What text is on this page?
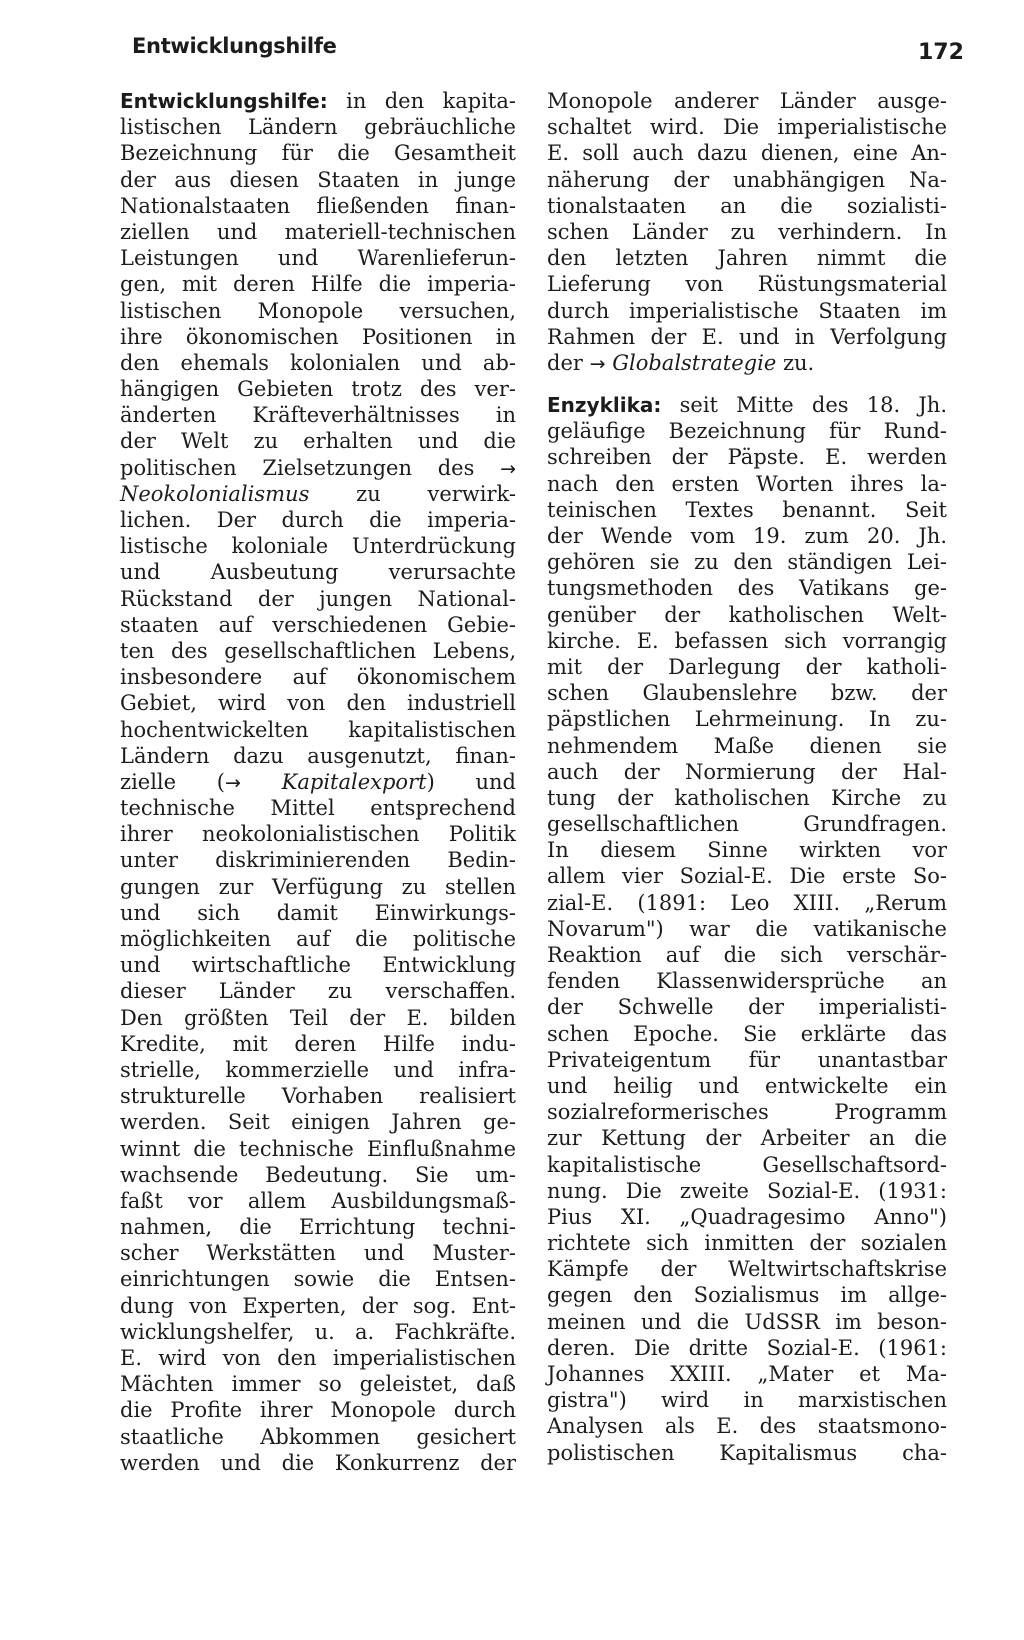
Entwicklungshilfe	172
Entwicklungshilfe: in den kapita-
listischen Ländern gebräuchliche
Bezeichnung für die Gesamtheit
der aus diesen Staaten in junge
Nationalstaaten fließenden finan-
ziellen und materiell-technischen
Leistungen und Warenlieferun-
gen, mit deren Hilfe die imperia-
listischen Monopole versuchen,
ihre ökonomischen Positionen in
den ehemals kolonialen und ab-
hängigen Gebieten trotz des ver-
änderten Kräfteverhältnisses in
der Welt zu erhalten und die
politischen Zielsetzungen des →
Neokolonialismus zu verwirk-
lichen. Der durch die imperia-
listische koloniale Unterdrückung
und Ausbeutung verursachte
Rückstand der jungen National-
staaten auf verschiedenen Gebie-
ten des gesellschaftlichen Lebens,
insbesondere auf ökonomischem
Gebiet, wird von den industriell
hochentwickelten kapitalistischen
Ländern dazu ausgenutzt, finan-
zielle (→ Kapitalexport) und
technische Mittel entsprechend
ihrer neokolonialistischen Politik
unter diskriminierenden Bedin-
gungen zur Verfügung zu stellen
und sich damit Einwirkungs-
möglichkeiten auf die politische
und wirtschaftliche Entwicklung
dieser Länder zu verschaffen.
Den größten Teil der E. bilden
Kredite, mit deren Hilfe indu-
strielle, kommerzielle und infra-
strukturelle Vorhaben realisiert
werden. Seit einigen Jahren ge-
winnt die technische Einflußnahme
wachsende Bedeutung. Sie um-
faßt vor allem Ausbildungsmaß-
nahmen, die Errichtung techni-
scher Werkstätten und Muster-
einrichtungen sowie die Entsen-
dung von Experten, der sog. Ent-
wicklungshelfer, u. a. Fachkräfte.
E. wird von den imperialistischen
Mächten immer so geleistet, daß
die Profite ihrer Monopole durch
staatliche Abkommen gesichert
werden und die Konkurrenz der
Monopole anderer Länder ausge-
schaltet wird. Die imperialistische
E. soll auch dazu dienen, eine An-
näherung der unabhängigen Na-
tionalstaaten an die sozialisti-
schen Länder zu verhindern. In
den letzten Jahren nimmt die
Lieferung von Rüstungsmaterial
durch imperialistische Staaten im
Rahmen der E. und in Verfolgung
der → Globalstrategie zu.
Enzyklika: seit Mitte des 18. Jh.
geläufige Bezeichnung für Rund-
schreiben der Päpste. E. werden
nach den ersten Worten ihres la-
teinischen Textes benannt. Seit
der Wende vom 19. zum 20. Jh.
gehören sie zu den ständigen Lei-
tungsmethoden des Vatikans ge-
genüber der katholischen Welt-
kirche. E. befassen sich vorrangig
mit der Darlegung der katholi-
schen Glaubenslehre bzw. der
päpstlichen Lehrmeinung. In zu-
nehmendem Maße dienen sie
auch der Normierung der Hal-
tung der katholischen Kirche zu
gesellschaftlichen Grundfragen.
In diesem Sinne wirkten vor
allem vier Sozial-E. Die erste So-
zial-E. (1891: Leo XIII. „Rerum
Novarum") war die vatikanische
Reaktion auf die sich verschär-
fenden Klassenwidersprüche an
der Schwelle der imperialisti-
schen Epoche. Sie erklärte das
Privateigentum für unantastbar
und heilig und entwickelte ein
sozialreformerisches Programm
zur Kettung der Arbeiter an die
kapitalistische Gesellschaftsord-
nung. Die zweite Sozial-E. (1931:
Pius XI. „Quadragesimo Anno")
richtete sich inmitten der sozialen
Kämpfe der Weltwirtschaftskrise
gegen den Sozialismus im allge-
meinen und die UdSSR im beson-
deren. Die dritte Sozial-E. (1961:
Johannes XXIII. „Mater et Ma-
gistra") wird in marxistischen
Analysen als E. des staatsmono-
polistischen Kapitalismus cha-
